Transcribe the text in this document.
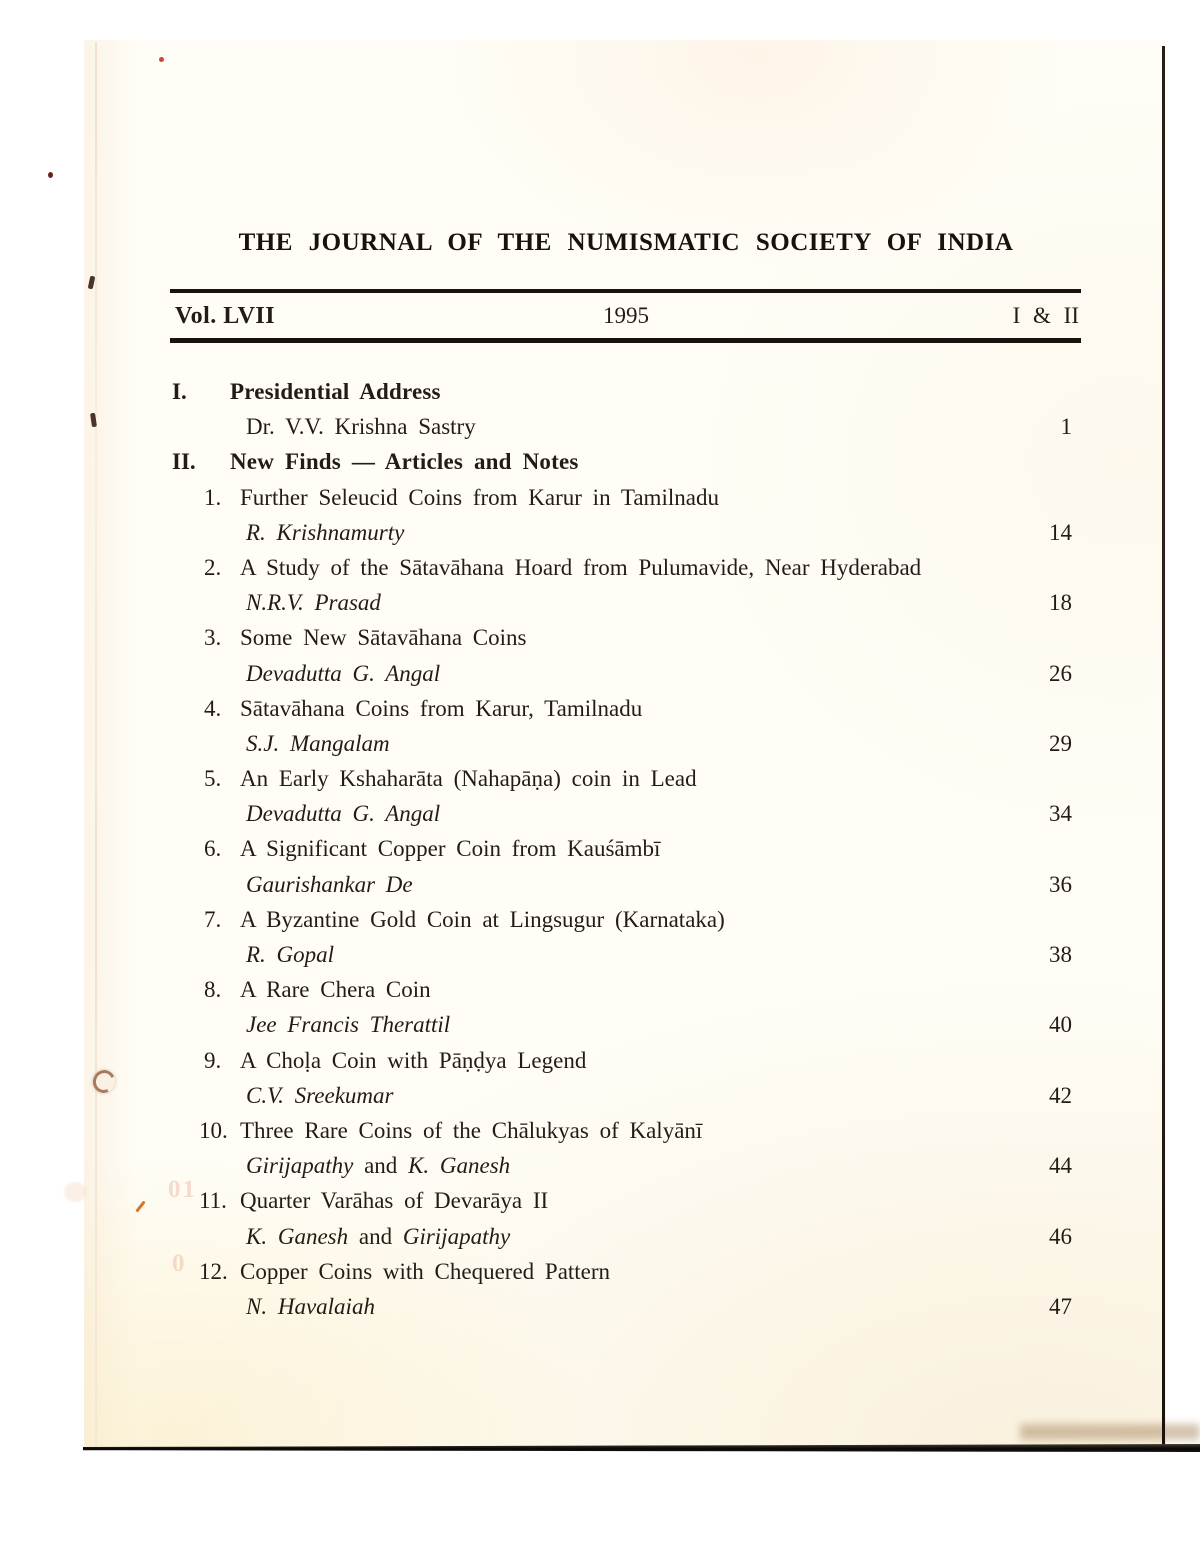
01
0
THE JOURNAL OF THE NUMISMATIC SOCIETY OF INDIA
Vol. LVII	1995	I & II
I. Presidential Address
Dr. V.V. Krishna Sastry	1
II. New Finds — Articles and Notes
1. Further Seleucid Coins from Karur in Tamilnadu
R. Krishnamurty	14
2. A Study of the Sātavāhana Hoard from Pulumavide, Near Hyderabad
N.R.V. Prasad	18
3. Some New Sātavāhana Coins
Devadutta G. Angal	26
4. Sātavāhana Coins from Karur, Tamilnadu
S.J. Mangalam	29
5. An Early Kshaharāta (Nahapāṇa) coin in Lead
Devadutta G. Angal	34
6. A Significant Copper Coin from Kauśāmbī
Gaurishankar De	36
7. A Byzantine Gold Coin at Lingsugur (Karnataka)
R. Gopal	38
8. A Rare Chera Coin
Jee Francis Therattil	40
9. A Choḷa Coin with Pāṇḍya Legend
C.V. Sreekumar	42
10. Three Rare Coins of the Chālukyas of Kalyānī
Girijapathy and K. Ganesh	44
11. Quarter Varāhas of Devarāya II
K. Ganesh and Girijapathy	46
12. Copper Coins with Chequered Pattern
N. Havalaiah	47
